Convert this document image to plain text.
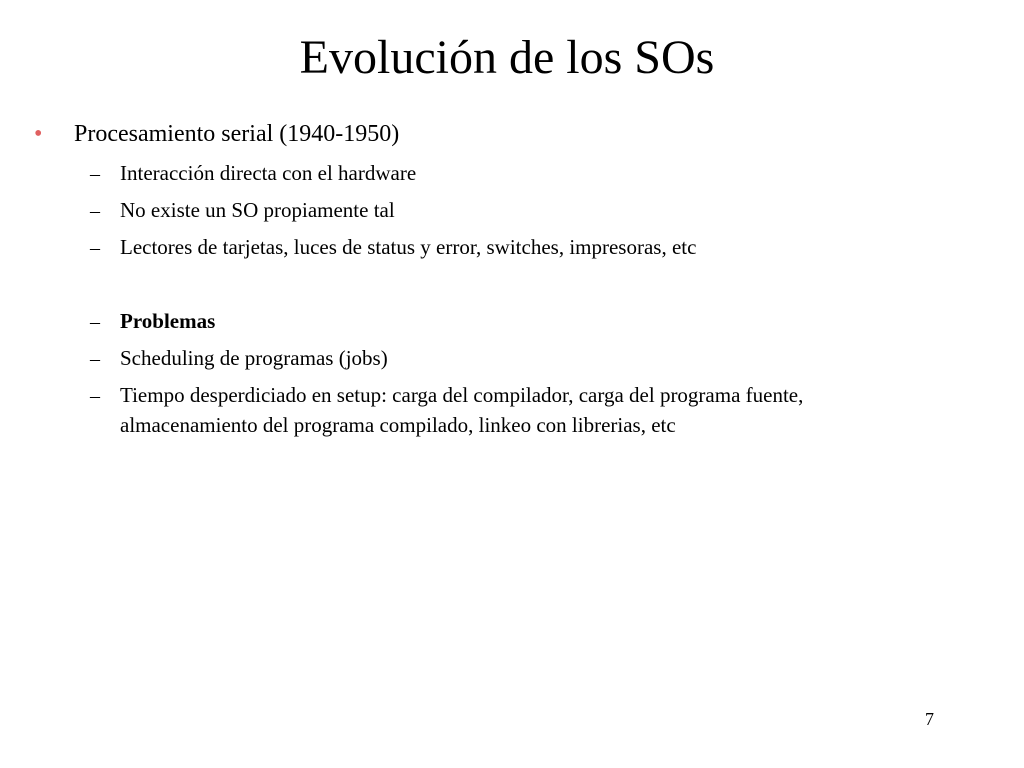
Evolución de los SOs
• Procesamiento serial (1940-1950)
– Interacción directa con el hardware
– No existe un SO propiamente tal
– Lectores de tarjetas, luces de status y error, switches, impresoras, etc
– Problemas
– Scheduling de programas (jobs)
– Tiempo desperdiciado en setup: carga del compilador, carga del programa fuente,
almacenamiento del programa compilado, linkeo con librerias, etc
7
